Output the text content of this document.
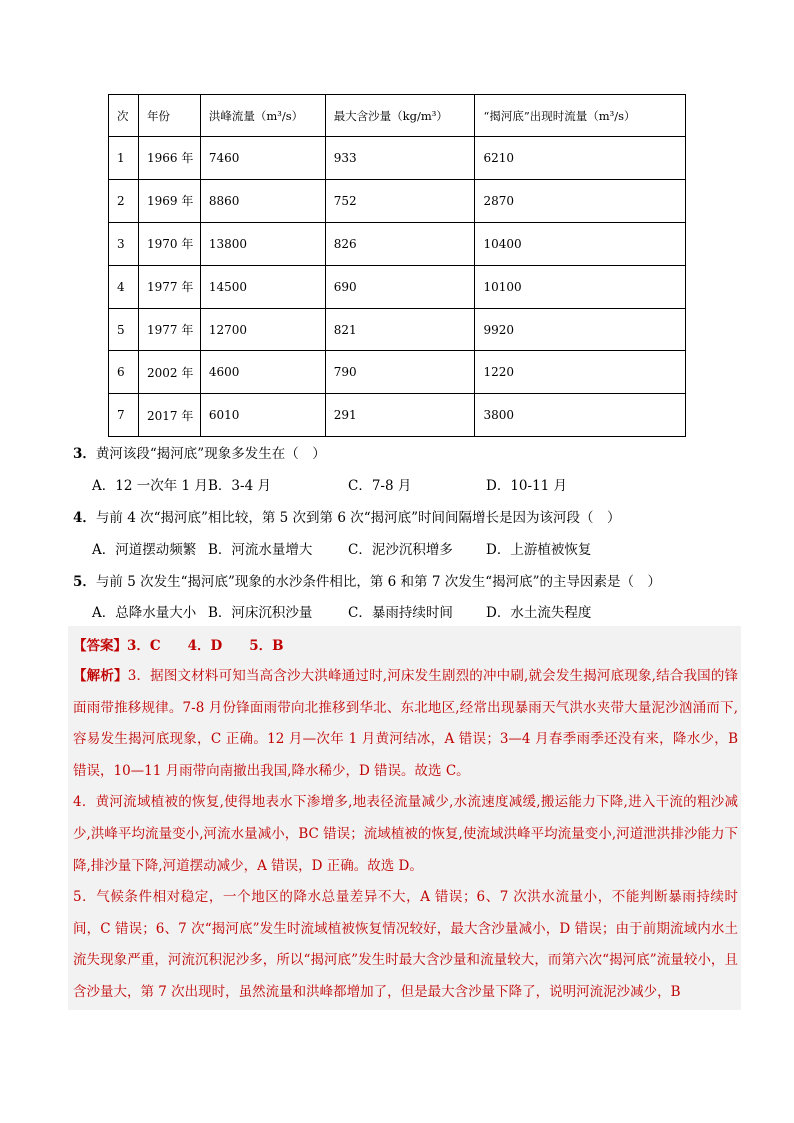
次	年份	洪峰流量（m³/s）	最大含沙量（kg/m³）	“揭河底”出现时流量（m³/s）
1	1966 年	7460	933	6210
2	1969 年	8860	752	2870
3	1970 年	13800	826	10400
4	1977 年	14500	690	10100
5	1977 年	12700	821	9920
6	2002 年	4600	790	1220
7	2017 年	6010	291	3800
3．黄河该段“揭河底”现象多发生在（　）
A．12 一次年 1 月 B．3-4 月	C．7-8 月	D．10-11 月
4．与前 4 次“揭河底”相比较，第 5 次到第 6 次“揭河底”时间间隔增长是因为该河段（　）
A．河道摆动频繁 B．河流水量增大	C．泥沙沉积增多 D．上游植被恢复
5．与前 5 次发生“揭河底”现象的水沙条件相比，第 6 和第 7 次发生“揭河底”的主导因素是（　）
A．总降水量大小 B．河床沉积沙量	C．暴雨持续时间 D．水土流失程度
【答案】3．C　　4．D　　5．B

【解析】3．据图文材料可知当高含沙大洪峰通过时,河床发生剧烈的冲中刷,就会发生揭河底现象,结合我国的锋面雨带推移规律。7-8 月份锋面雨带向北推移到华北、东北地区,经常出现暴雨天气洪水夹带大量泥沙汹涌而下,容易发生揭河底现象，C 正确。12 月—次年 1 月黄河结冰，A 错误；3—4 月春季雨季还没有来，降水少，B 错误，10—11 月雨带向南撤出我国,降水稀少，D 错误。故选 C。

4．黄河流域植被的恢复,使得地表水下渗增多,地表径流量减少,水流速度减缓,搬运能力下降,进入干流的粗沙减少,洪峰平均流量变小,河流水量减小，BC 错误；流域植被的恢复,使流域洪峰平均流量变小,河道泄洪排沙能力下降,排沙量下降,河道摆动减少，A 错误，D 正确。故选 D。

5．气候条件相对稳定，一个地区的降水总量差异不大，A 错误；6、7 次洪水流量小，不能判断暴雨持续时间，C 错误；6、7 次“揭河底”发生时流域植被恢复情况较好，最大含沙量减小，D 错误；由于前期流域内水土流失现象严重，河流沉积泥沙多，所以“揭河底”发生时最大含沙量和流量较大，而第六次“揭河底”流量较小，且含沙量大，第 7 次出现时，虽然流量和洪峰都增加了，但是最大含沙量下降了，说明河流泥沙减少，B
